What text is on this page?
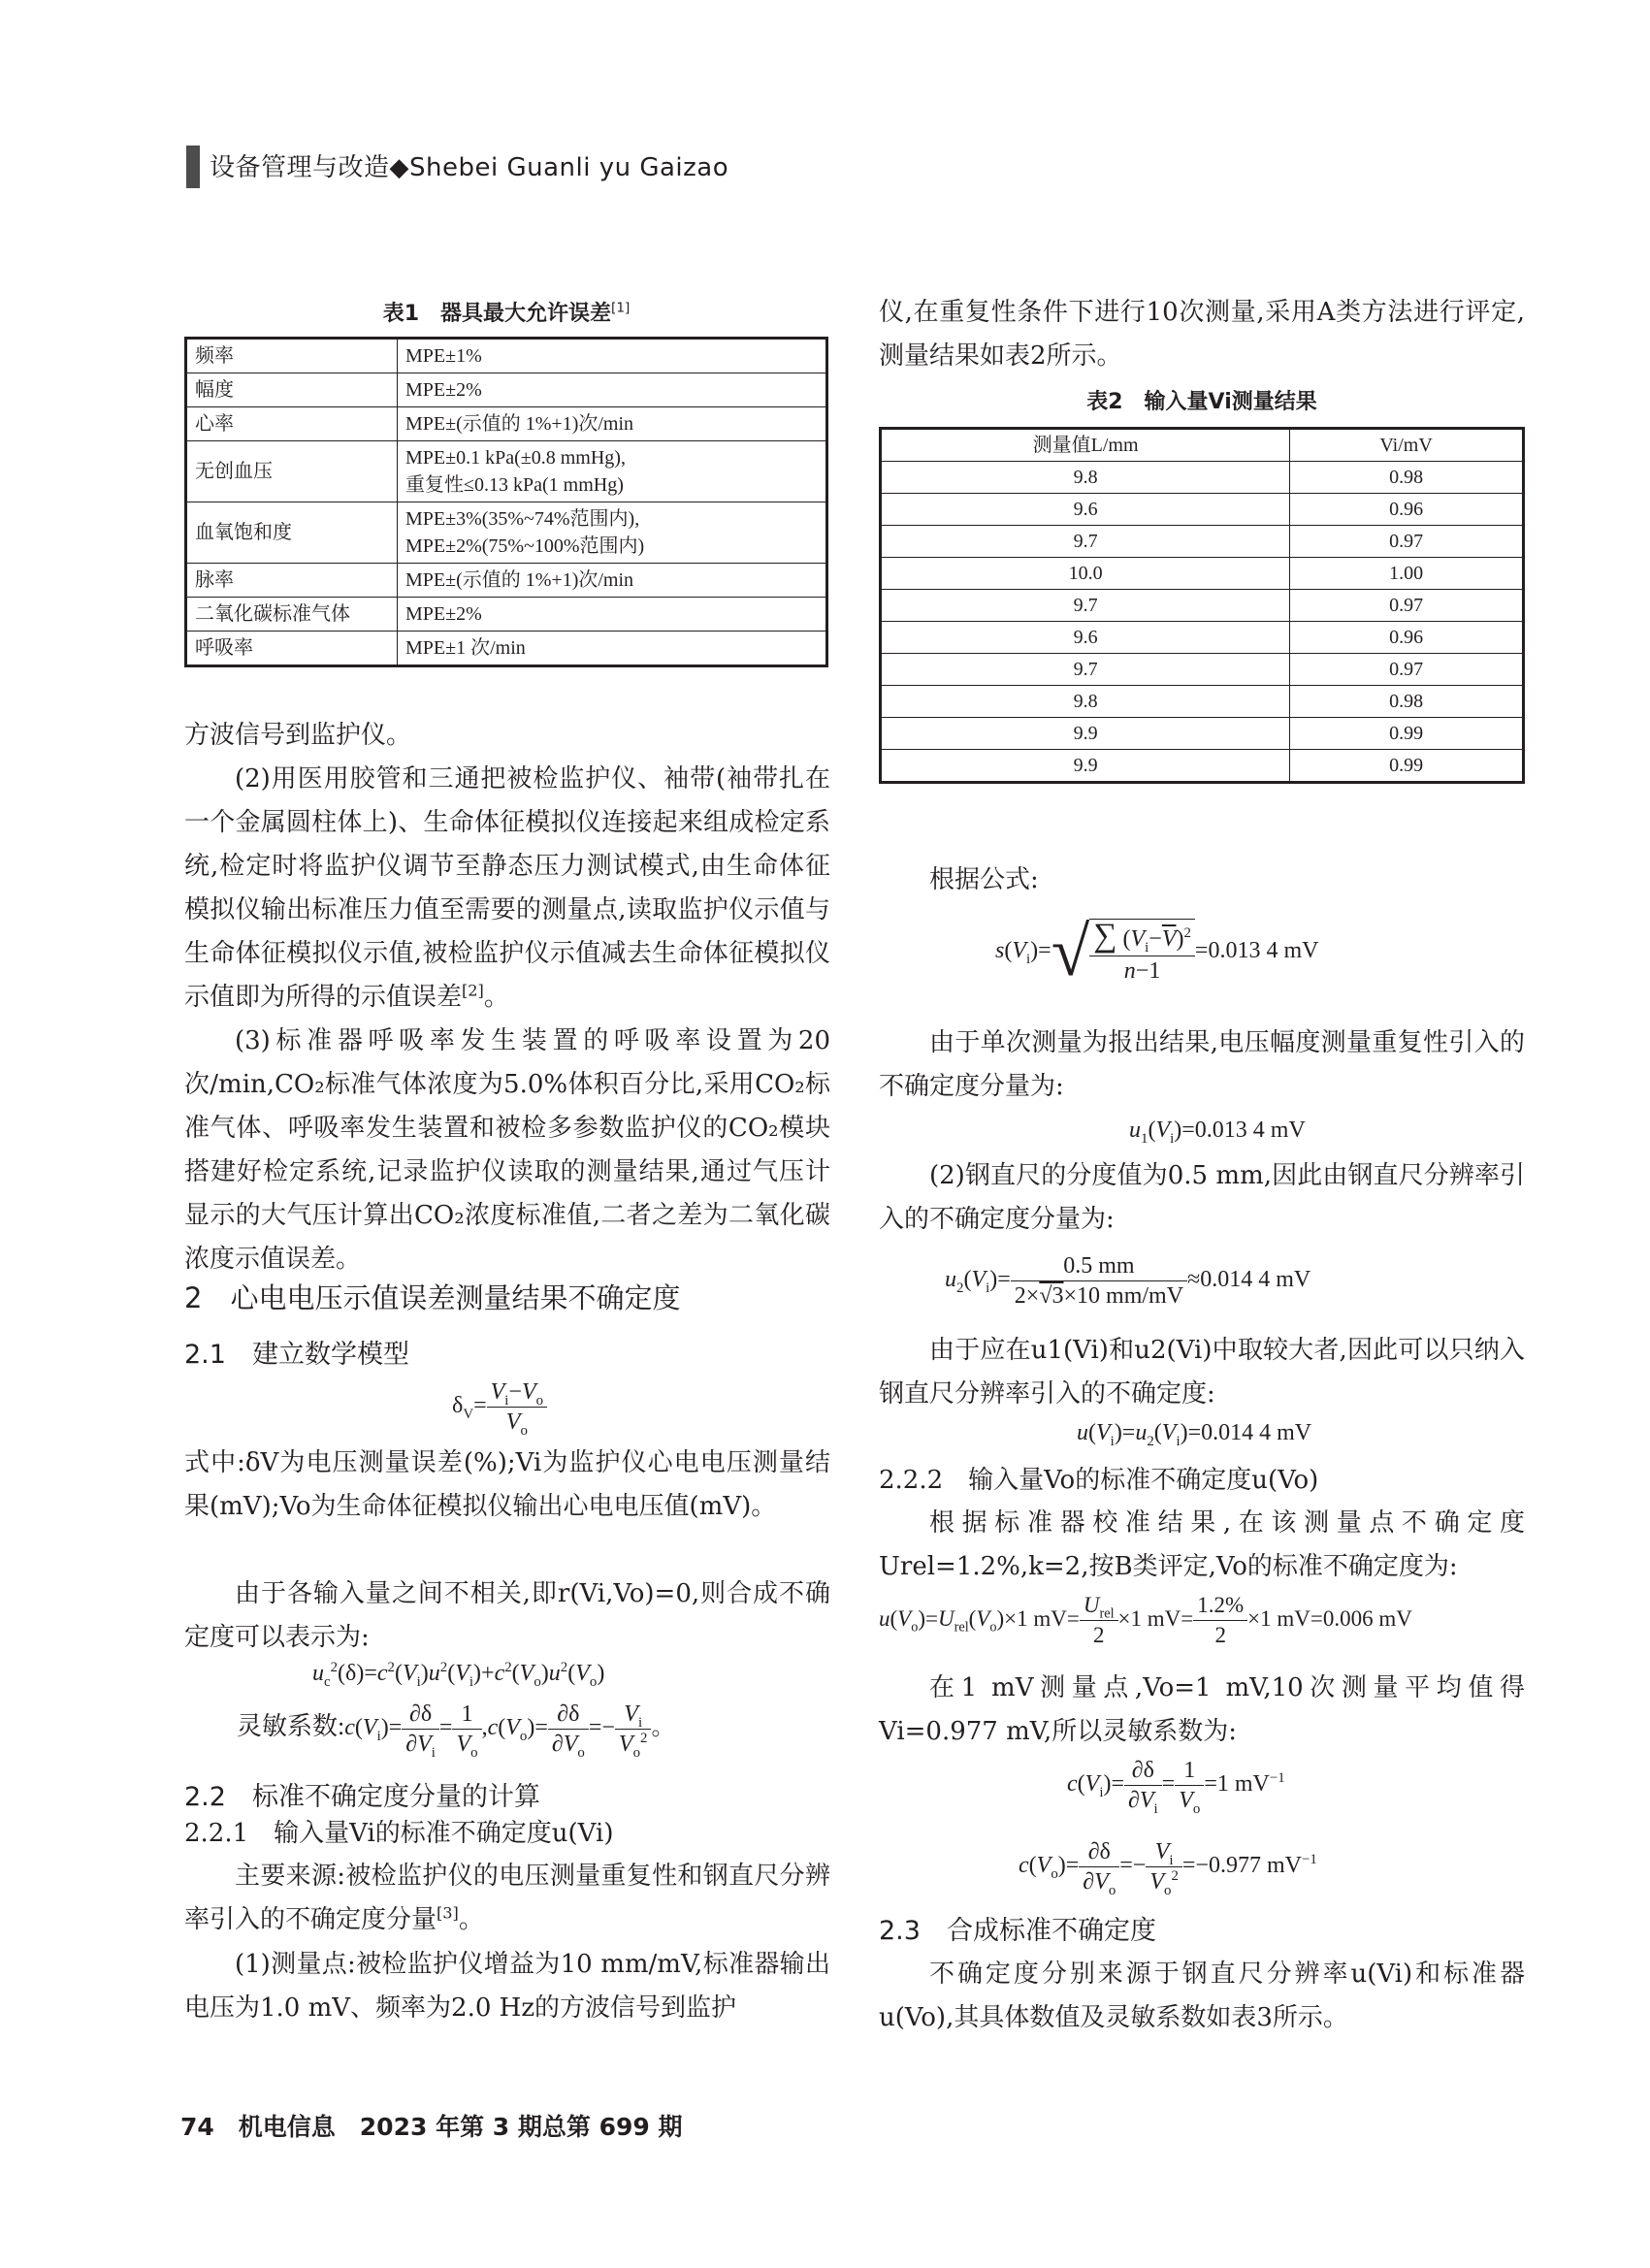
设备管理与改造◆Shebei Guanli yu Gaizao
表1　器具最大允许误差[1]
频率	MPE±1%

幅度	MPE±2%

心率	MPE±(示值的 1%+1)次/min

无创血压	MPE±0.1 kPa(±0.8 mmHg),
重复性≤0.13 kPa(1 mmHg)

血氧饱和度	MPE±3%(35%~74%范围内),
MPE±2%(75%~100%范围内)

脉率	MPE±(示值的 1%+1)次/min

二氧化碳标准气体	MPE±2%

呼吸率	MPE±1 次/min
方波信号到监护仪。
(2)用医用胶管和三通把被检监护仪、袖带(袖带扎在一个金属圆柱体上)、生命体征模拟仪连接起来组成检定系统,检定时将监护仪调节至静态压力测试模式,由生命体征模拟仪输出标准压力值至需要的测量点,读取监护仪示值与生命体征模拟仪示值,被检监护仪示值减去生命体征模拟仪示值即为所得的示值误差[2]。
(3)标准器呼吸率发生装置的呼吸率设置为20次/min,CO₂标准气体浓度为5.0%体积百分比,采用CO₂标准气体、呼吸率发生装置和被检多参数监护仪的CO₂模块搭建好检定系统,记录监护仪读取的测量结果,通过气压计显示的大气压计算出CO₂浓度标准值,二者之差为二氧化碳浓度示值误差。
2　心电电压示值误差测量结果不确定度
2.1　建立数学模型
$\delta_V= \frac{V_i-V_o}{V_o}$
式中:δV为电压测量误差(%);Vi为监护仪心电电压测量结果(mV);Vo为生命体征模拟仪输出心电电压值(mV)。
由于各输入量之间不相关,即r(Vi,Vo)=0,则合成不确定度可以表示为:
$u_c^2(\delta)=c^2(V_i)u^2(V_i)+c^2(V_o)u^2(V_o)$
灵敏系数$:c(V_i)= \frac{\partial\delta}{\partial V_i} = \frac{1}{V_o} ,c(V_o)= \frac{\partial\delta}{\partial V_o} =- \frac{V_i}{V_o^2}$ 。
2.2　标准不确定度分量的计算
2.2.1　输入量Vi的标准不确定度u(Vi)
主要来源:被检监护仪的电压测量重复性和钢直尺分辨率引入的不确定度分量[3]。
(1)测量点:被检监护仪增益为10 mm/mV,标准器输出电压为1.0 mV、频率为2.0 Hz的方波信号到监护
仪,在重复性条件下进行10次测量,采用A类方法进行评定,测量结果如表2所示。
表2　输入量Vi测量结果
测量值L/mm	Vi/mV
9.8	0.98
9.6	0.96
9.7	0.97
10.0	1.00
9.7	0.97
9.6	0.96
9.7	0.97
9.8	0.98
9.9	0.99
9.9	0.99
根据公式:
$s(V_i)=√ \frac{\sum (V_i-\overline{V})^2}{n-1} =0.013$ 4 mV
由于单次测量为报出结果,电压幅度测量重复性引入的不确定度分量为:
$u_1(V_i)=0.013$ 4 mV
(2)钢直尺的分度值为0.5 mm,因此由钢直尺分辨率引入的不确定度分量为:
$u_2(V_i)= \frac{0.5 mm}{2\times√3\times 10 mm/mV} \approx 0.014$ 4 mV
由于应在u1(Vi)和u2(Vi)中取较大者,因此可以只纳入钢直尺分辨率引入的不确定度:
$u(V_i)=u_2(V_i)=0.014$ 4 mV
2.2.2　输入量Vo的标准不确定度u(Vo)
根据标准器校准结果,在该测量点不确定度Urel=1.2%,k=2,按B类评定,Vo的标准不确定度为:
$u(V_o)=U_{rel}(V_o)\times 1$ $mV= \frac{U_{rel}}{2} \times 1$ $mV= \frac{1.2\%}{2} \times 1$ mV=0.006 mV
在1 mV测量点,Vo=1 mV,10次测量平均值得Vi=0.977 mV,所以灵敏系数为:
$c(V_i)= \frac{\partial\delta}{\partial V_i} = \frac{1}{V_o} =1$ $mV^{-1}$
$c(V_o)= \frac{\partial\delta}{\partial V_o} =- \frac{V_i}{V_o^2} =-0.977$ $mV^{-1}$
2.3　合成标准不确定度
不确定度分别来源于钢直尺分辨率u(Vi)和标准器u(Vo),其具体数值及灵敏系数如表3所示。
74　机电信息　2023 年第 3 期总第 699 期
